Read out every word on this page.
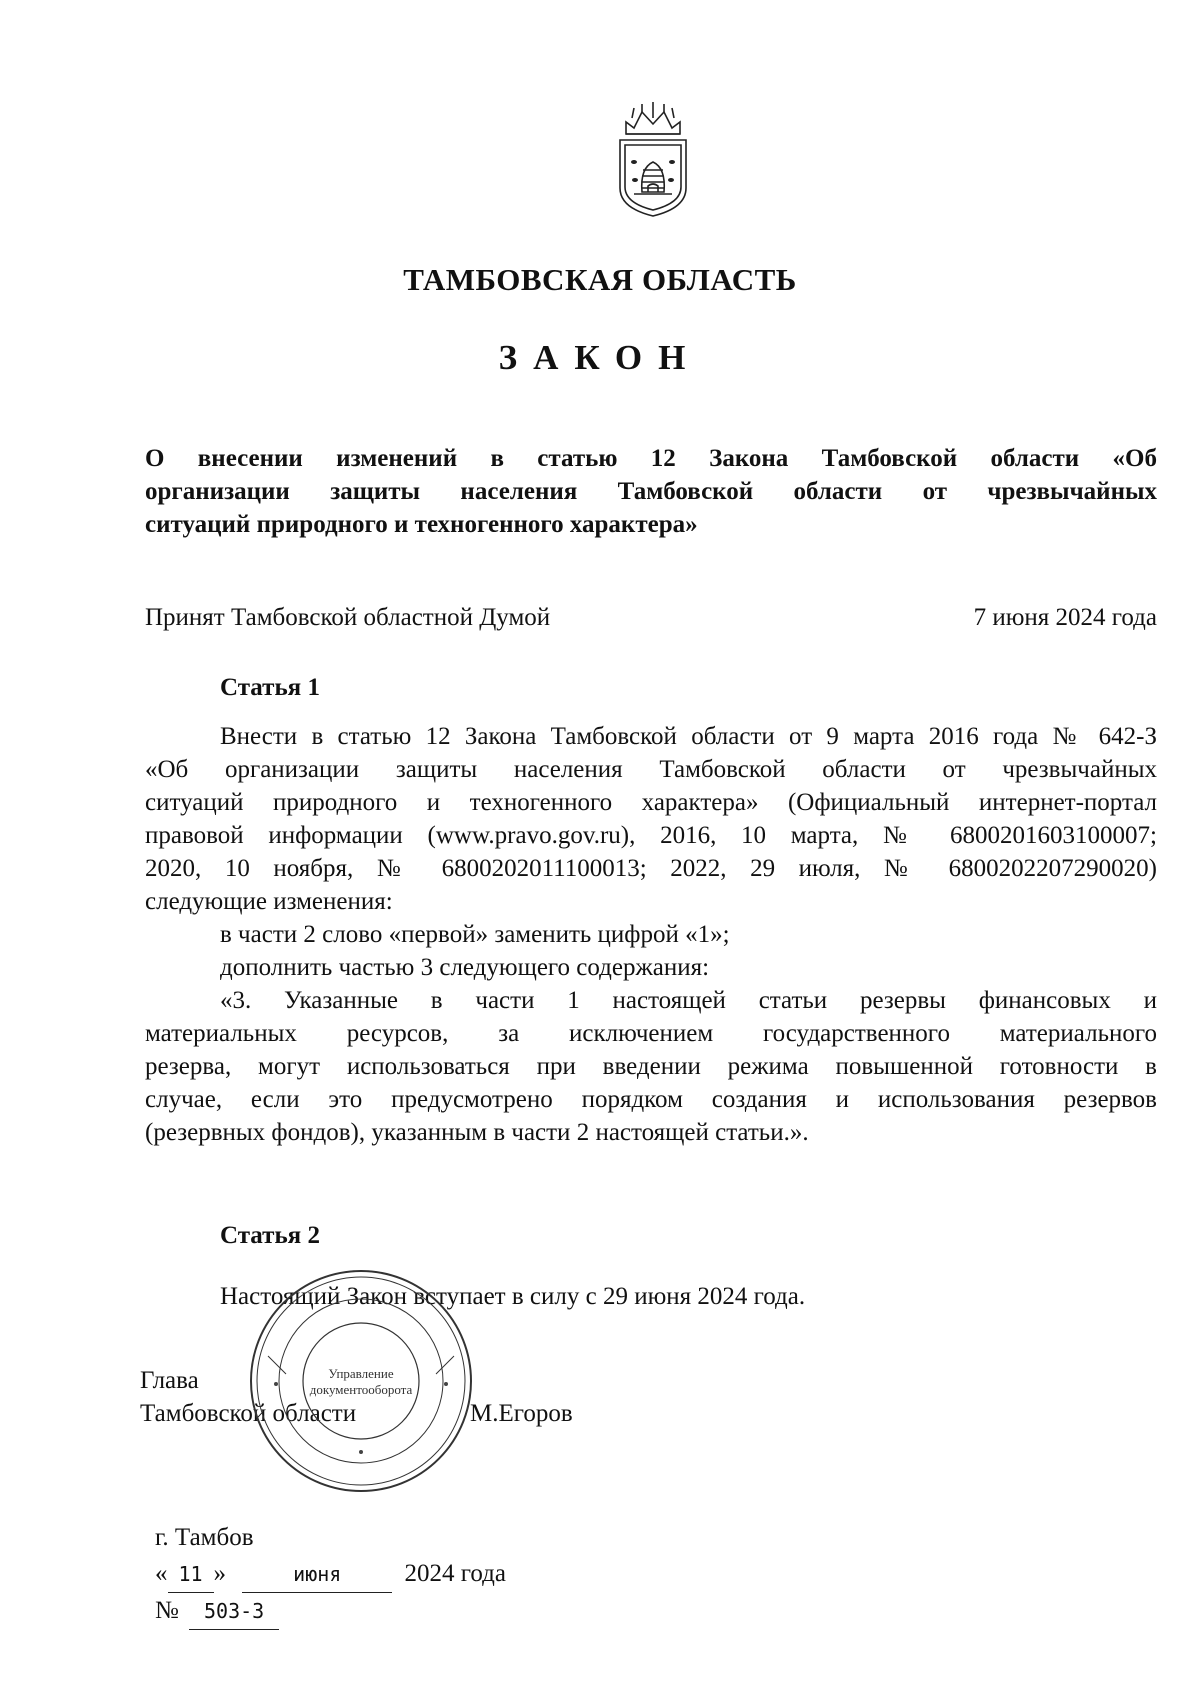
ТАМБОВСКАЯ ОБЛАСТЬ
ЗАКОН
О внесении изменений в статью 12 Закона Тамбовской области «Об
организации защиты населения Тамбовской области от чрезвычайных
ситуаций природного и техногенного характера»
Принят Тамбовской областной Думой	7 июня 2024 года
Статья 1
Внести в статью 12 Закона Тамбовской области от 9 марта 2016 года № 642-З
«Об организации защиты населения Тамбовской области от чрезвычайных
ситуаций природного и техногенного характера» (Официальный интернет-портал
правовой информации (www.pravo.gov.ru), 2016, 10 марта, № 6800201603100007;
2020, 10 ноября, № 6800202011100013; 2022, 29 июля, № 6800202207290020)
следующие изменения:
в части 2 слово «первой» заменить цифрой «1»;
дополнить частью 3 следующего содержания:
«3. Указанные в части 1 настоящей статьи резервы финансовых и
материальных ресурсов, за исключением государственного материального
резерва, могут использоваться при введении режима повышенной готовности в
случае, если это предусмотрено порядком создания и использования резервов
(резервных фондов), указанным в части 2 настоящей статьи.».
Статья 2
Настоящий Закон вступает в силу с 29 июня 2024 года.
Глава
Тамбовской области	М.Егоров
Управление
документооборота
г. Тамбов
« 11 »	июня	2024 года
№ 503-З
